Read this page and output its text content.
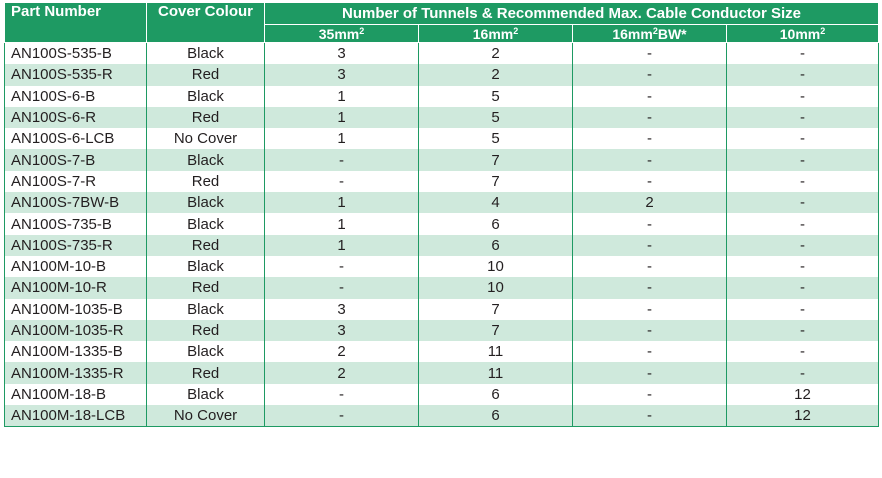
Part Number	Cover Colour	Number of Tunnels & Recommended Max. Cable Conductor Size			
		$35mm^2$	$16mm^2$	$16mm^2BW*$	$10mm^2$
AN100S-535-B	Black	3	2	-	-
AN100S-535-R	Red	3	2	-	-
AN100S-6-B	Black	1	5	-	-
AN100S-6-R	Red	1	5	-	-
AN100S-6-LCB	No Cover	1	5	-	-
AN100S-7-B	Black	-	7	-	-
AN100S-7-R	Red	-	7	-	-
AN100S-7BW-B	Black	1	4	2	-
AN100S-735-B	Black	1	6	-	-
AN100S-735-R	Red	1	6	-	-
AN100M-10-B	Black	-	10	-	-
AN100M-10-R	Red	-	10	-	-
AN100M-1035-B	Black	3	7	-	-
AN100M-1035-R	Red	3	7	-	-
AN100M-1335-B	Black	2	11	-	-
AN100M-1335-R	Red	2	11	-	-
AN100M-18-B	Black	-	6	-	12
AN100M-18-LCB	No Cover	-	6	-	12
